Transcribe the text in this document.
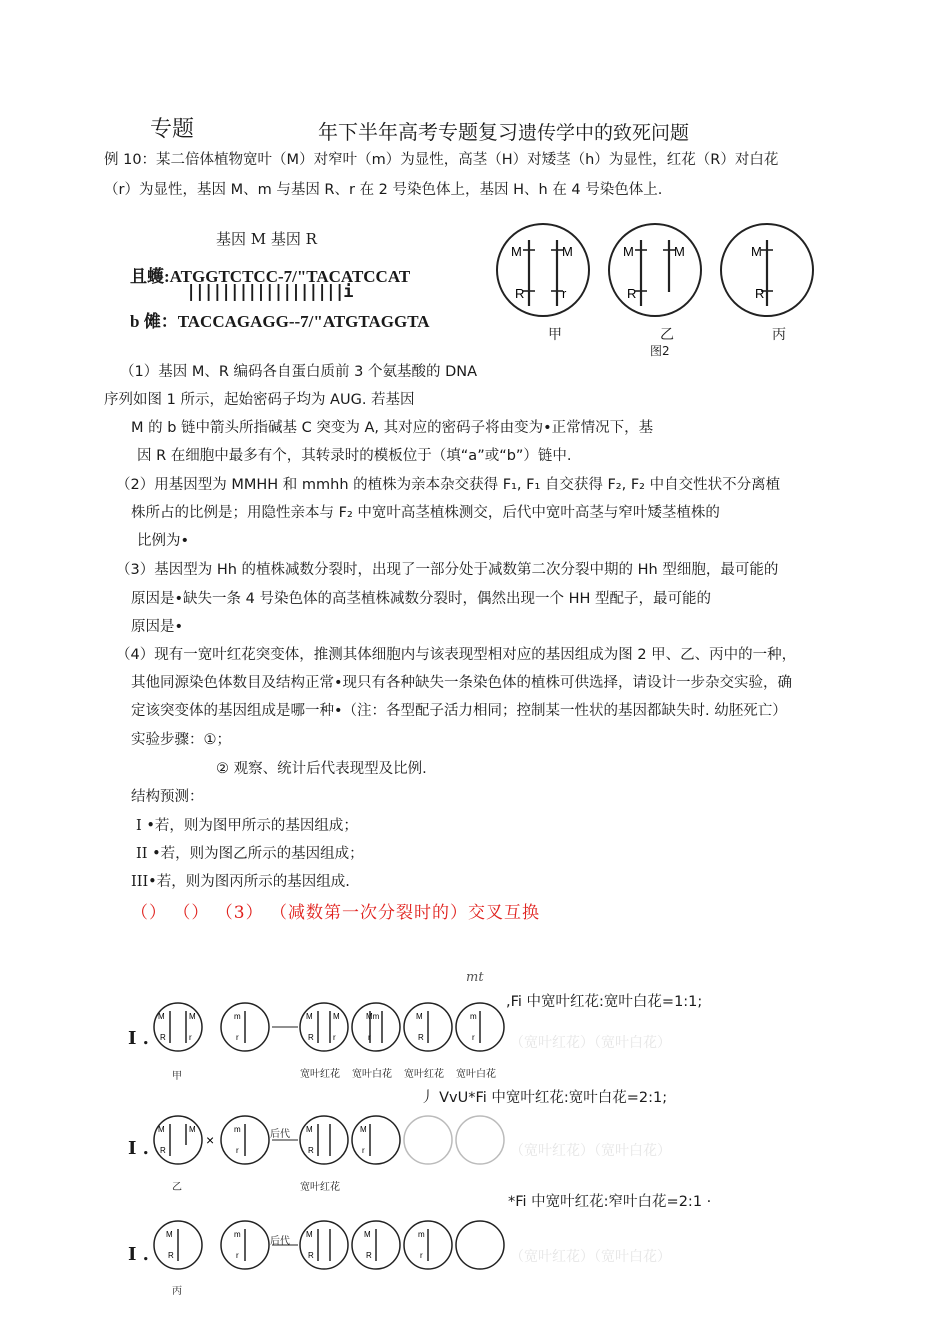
专题	年下半年高考专题复习遗传学中的致死问题
例 10：某二倍体植物宽叶（M）对窄叶（m）为显性，高茎（H）对矮茎（h）为显性，红花（R）对白花
（r）为显性，基因 M、m 与基因 R、r 在 2 号染色体上，基因 H、h 在 4 号染色体上.
基因 M 基因 R
且蠖:ATGGTCTCC-7/"TACATCCAT
||||||||||||||||||i
b 傩：TACCAGAGG--7/"ATGTAGGTA
M	M
R	r
M	M
R
M
R
甲	乙	丙
图2
（1）基因 M、R 编码各自蛋白质前 3 个氨基酸的 DNA
序列如图 1 所示，起始密码子均为 AUG. 若基因
M 的 b 链中箭头所指碱基 C 突变为 A, 其对应的密码子将由变为•正常情况下，基
因 R 在细胞中最多有个，其转录时的模板位于（填“a”或“b”）链中.
（2）用基因型为 MMHH 和 mmhh 的植株为亲本杂交获得 F₁, F₁ 自交获得 F₂, F₂ 中自交性状不分离植
株所占的比例是；用隐性亲本与 F₂ 中宽叶高茎植株测交，后代中宽叶高茎与窄叶矮茎植株的
比例为•
（3）基因型为 Hh 的植株减数分裂时，出现了一部分处于减数第二次分裂中期的 Hh 型细胞，最可能的
原因是•缺失一条 4 号染色体的高茎植株减数分裂时，偶然出现一个 HH 型配子，最可能的
原因是•
（4）现有一宽叶红花突变体，推测其体细胞内与该表现型相对应的基因组成为图 2 甲、乙、丙中的一种，
其他同源染色体数目及结构正常•现只有各种缺失一条染色体的植株可供选择，请设计一步杂交实验，确
定该突变体的基因组成是哪一种•（注：各型配子活力相同；控制某一性状的基因都缺失时. 幼胚死亡）
实验步骤：①；
② 观察、统计后代表现型及比例.
结构预测：
I •若，则为图甲所示的基因组成；
II •若，则为图乙所示的基因组成；
III•若，则为图丙所示的基因组成.
（） （） （3） （减数第一次分裂时的）交叉互换
mt
,Fi 中宽叶红花:宽叶白花=1:1;
丿 VvU*Fi 中宽叶红花:宽叶白花=2:1;
*Fi 中宽叶红花:窄叶白花=2:1 ·
（宽叶红花）（宽叶白花）
（宽叶红花）（宽叶白花）
（宽叶红花）（宽叶白花）
I .
I .
I .
甲
乙
丙
宽叶红花 宽叶白花 宽叶红花 宽叶白花
宽叶红花
后代
后代
M	M
R	r
m
r
M	M
R r
Mm
r
M
R
m
r
M	M
R
×
m
r
M
R
M
r
M
R
m
r
M
R
M
R
m
r
